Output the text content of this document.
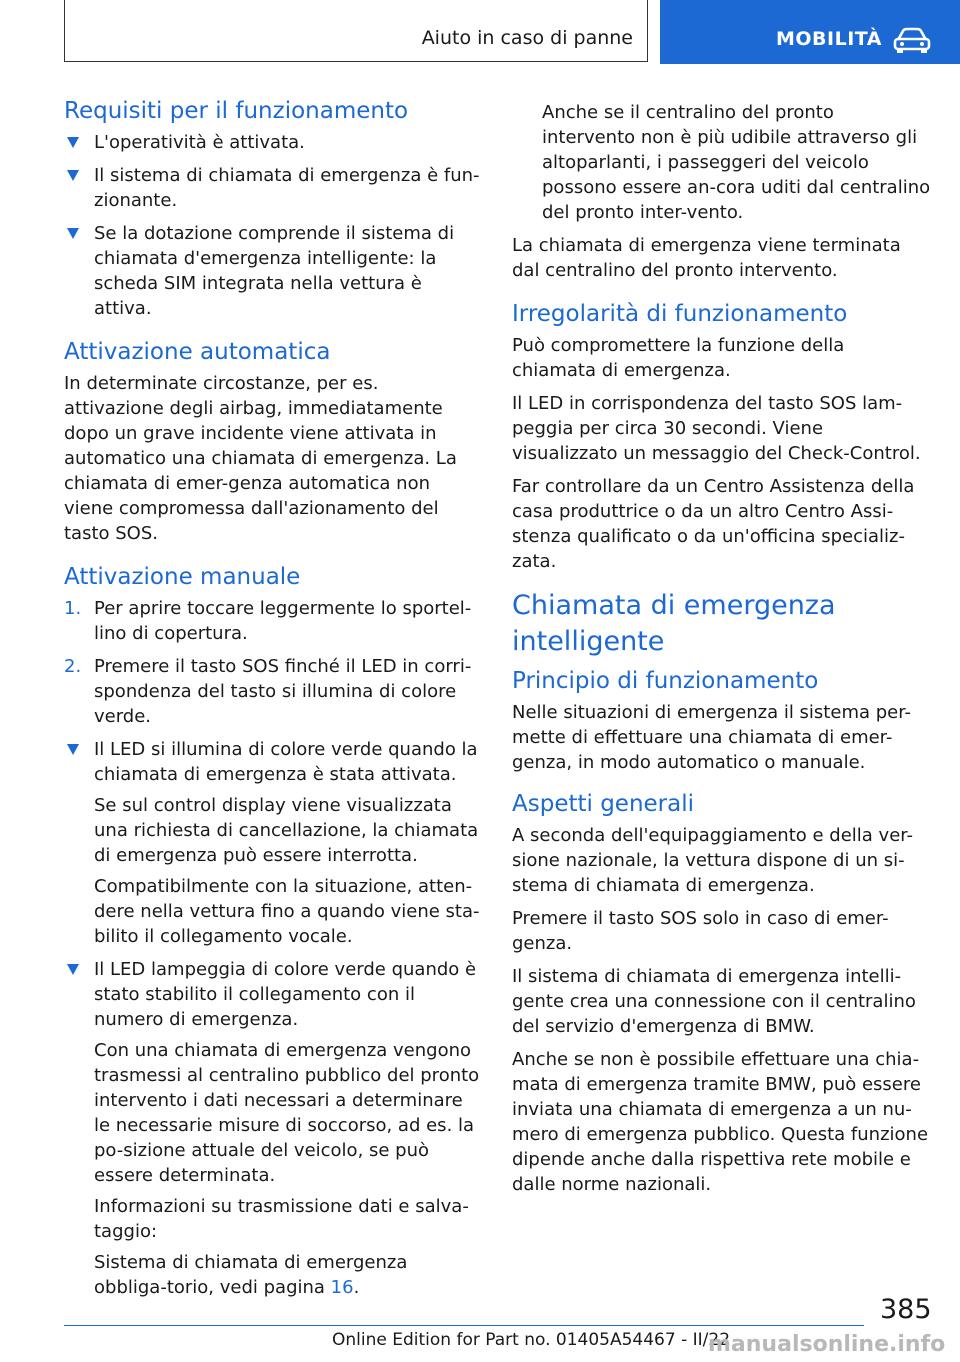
Aiuto in caso di panne	MOBILITÀ
Requisiti per il funzionamento

L'operatività è attivata.

Il sistema di chiamata di emergenza è fun-zionante.

Se la dotazione comprende il sistema di chiamata d'emergenza intelligente: la scheda SIM integrata nella vettura è attiva.

Attivazione automatica

In determinate circostanze, per es. attivazione degli airbag, immediatamente dopo un grave incidente viene attivata in automatico una chiamata di emergenza. La chiamata di emer-genza automatica non viene compromessa dall'azionamento del tasto SOS.

Attivazione manuale
1. Per aprire toccare leggermente lo sportel-lino di copertura.

2. Premere il tasto SOS finché il LED in corri-spondenza del tasto si illumina di colore verde.

Il LED si illumina di colore verde quando la chiamata di emergenza è stata attivata.

Se sul control display viene visualizzata una richiesta di cancellazione, la chiamata di emergenza può essere interrotta.

Compatibilmente con la situazione, atten-dere nella vettura fino a quando viene sta-bilito il collegamento vocale.

Il LED lampeggia di colore verde quando è stato stabilito il collegamento con il numero di emergenza.

Con una chiamata di emergenza vengono trasmessi al centralino pubblico del pronto intervento i dati necessari a determinare le necessarie misure di soccorso, ad es. la po-sizione attuale del veicolo, se può essere determinata.

Informazioni su trasmissione dati e salva-taggio:

Sistema di chiamata di emergenza obbliga-torio, vedi pagina 16.

Anche se il centralino del pronto intervento non è più udibile attraverso gli altoparlanti, i passeggeri del veicolo possono essere an-cora uditi dal centralino del pronto inter-vento.

La chiamata di emergenza viene terminata dal centralino del pronto intervento.

Irregolarità di funzionamento

Può compromettere la funzione della chiamata di emergenza.

Il LED in corrispondenza del tasto SOS lam-peggia per circa 30 secondi. Viene visualizzato un messaggio del Check-Control.

Far controllare da un Centro Assistenza della casa produttrice o da un altro Centro Assi-stenza qualificato o da un'officina specializ-zata.

Chiamata di emergenza intelligente
Principio di funzionamento

Nelle situazioni di emergenza il sistema per-mette di effettuare una chiamata di emer-genza, in modo automatico o manuale.

Aspetti generali

A seconda dell'equipaggiamento e della ver-sione nazionale, la vettura dispone di un si-stema di chiamata di emergenza.

Premere il tasto SOS solo in caso di emer-genza.

Il sistema di chiamata di emergenza intelli-gente crea una connessione con il centralino del servizio d'emergenza di BMW.

Anche se non è possibile effettuare una chia-mata di emergenza tramite BMW, può essere inviata una chiamata di emergenza a un nu-mero di emergenza pubblico. Questa funzione dipende anche dalla rispettiva rete mobile e dalle norme nazionali.

385
Online Edition for Part no. 01405A54467 - II/22
manualsonline.info
